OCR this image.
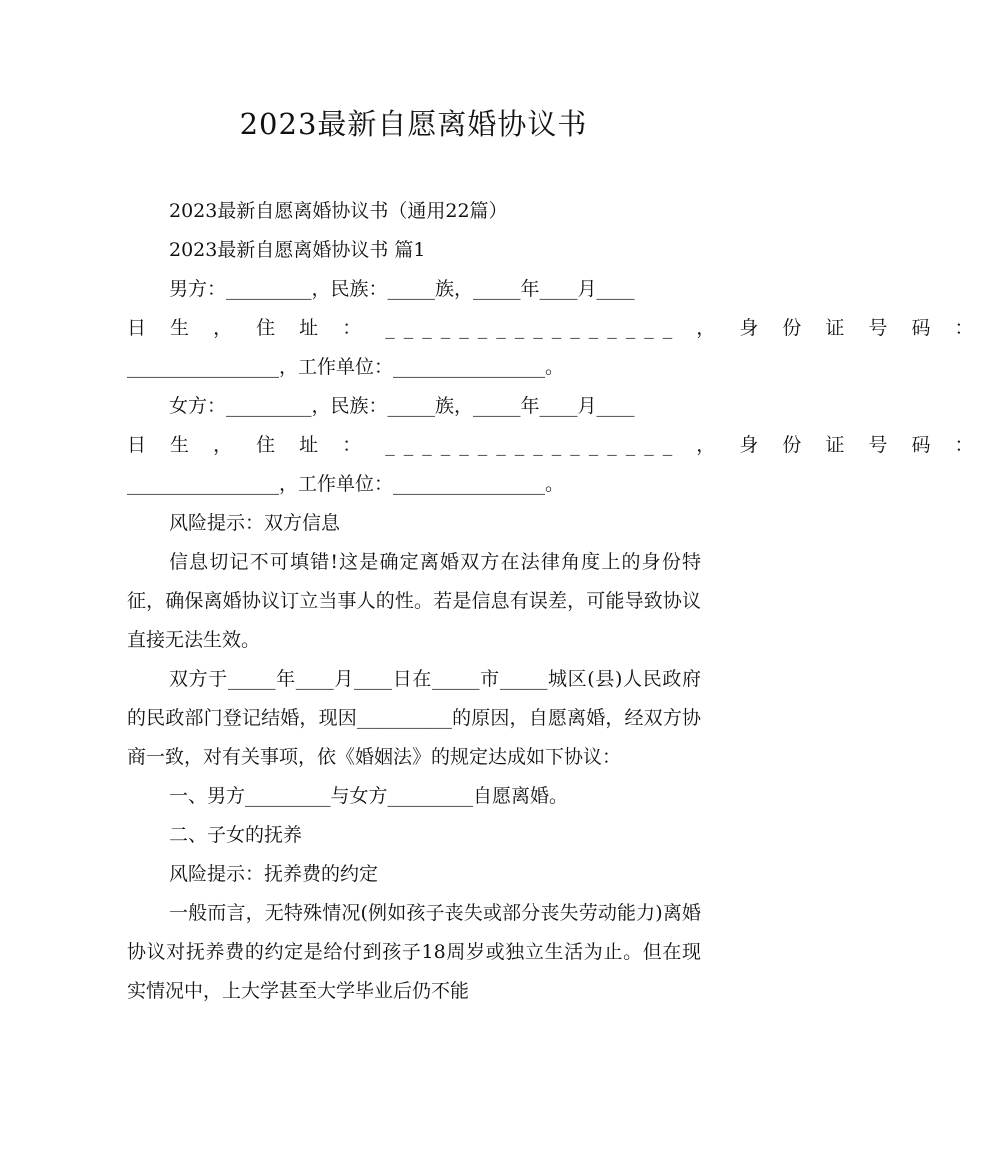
2023最新自愿离婚协议书

2023最新自愿离婚协议书（通用22篇）

2023最新自愿离婚协议书 篇1

男方：_________，民族：_____族，_____年____月____

日 生 ， 住 址 ： ________________ ， 身 份 证 号 码 ：

________________，工作单位：________________。

女方：_________，民族：_____族，_____年____月____

日 生 ， 住 址 ： ________________ ， 身 份 证 号 码 ：

________________，工作单位：________________。

风险提示：双方信息

信息切记不可填错!这是确定离婚双方在法律角度上的身份特征，确保离婚协议订立当事人的性。若是信息有误差，可能导致协议直接无法生效。

双方于_____年____月____日在_____市_____城区(县)人民政府的民政部门登记结婚，现因__________的原因，自愿离婚，经双方协商一致，对有关事项，依《婚姻法》的规定达成如下协议：

一、男方_________与女方_________自愿离婚。

二、子女的抚养

风险提示：抚养费的约定

一般而言，无特殊情况(例如孩子丧失或部分丧失劳动能力)离婚协议对抚养费的约定是给付到孩子18周岁或独立生活为止。但在现实情况中，上大学甚至大学毕业后仍不能
